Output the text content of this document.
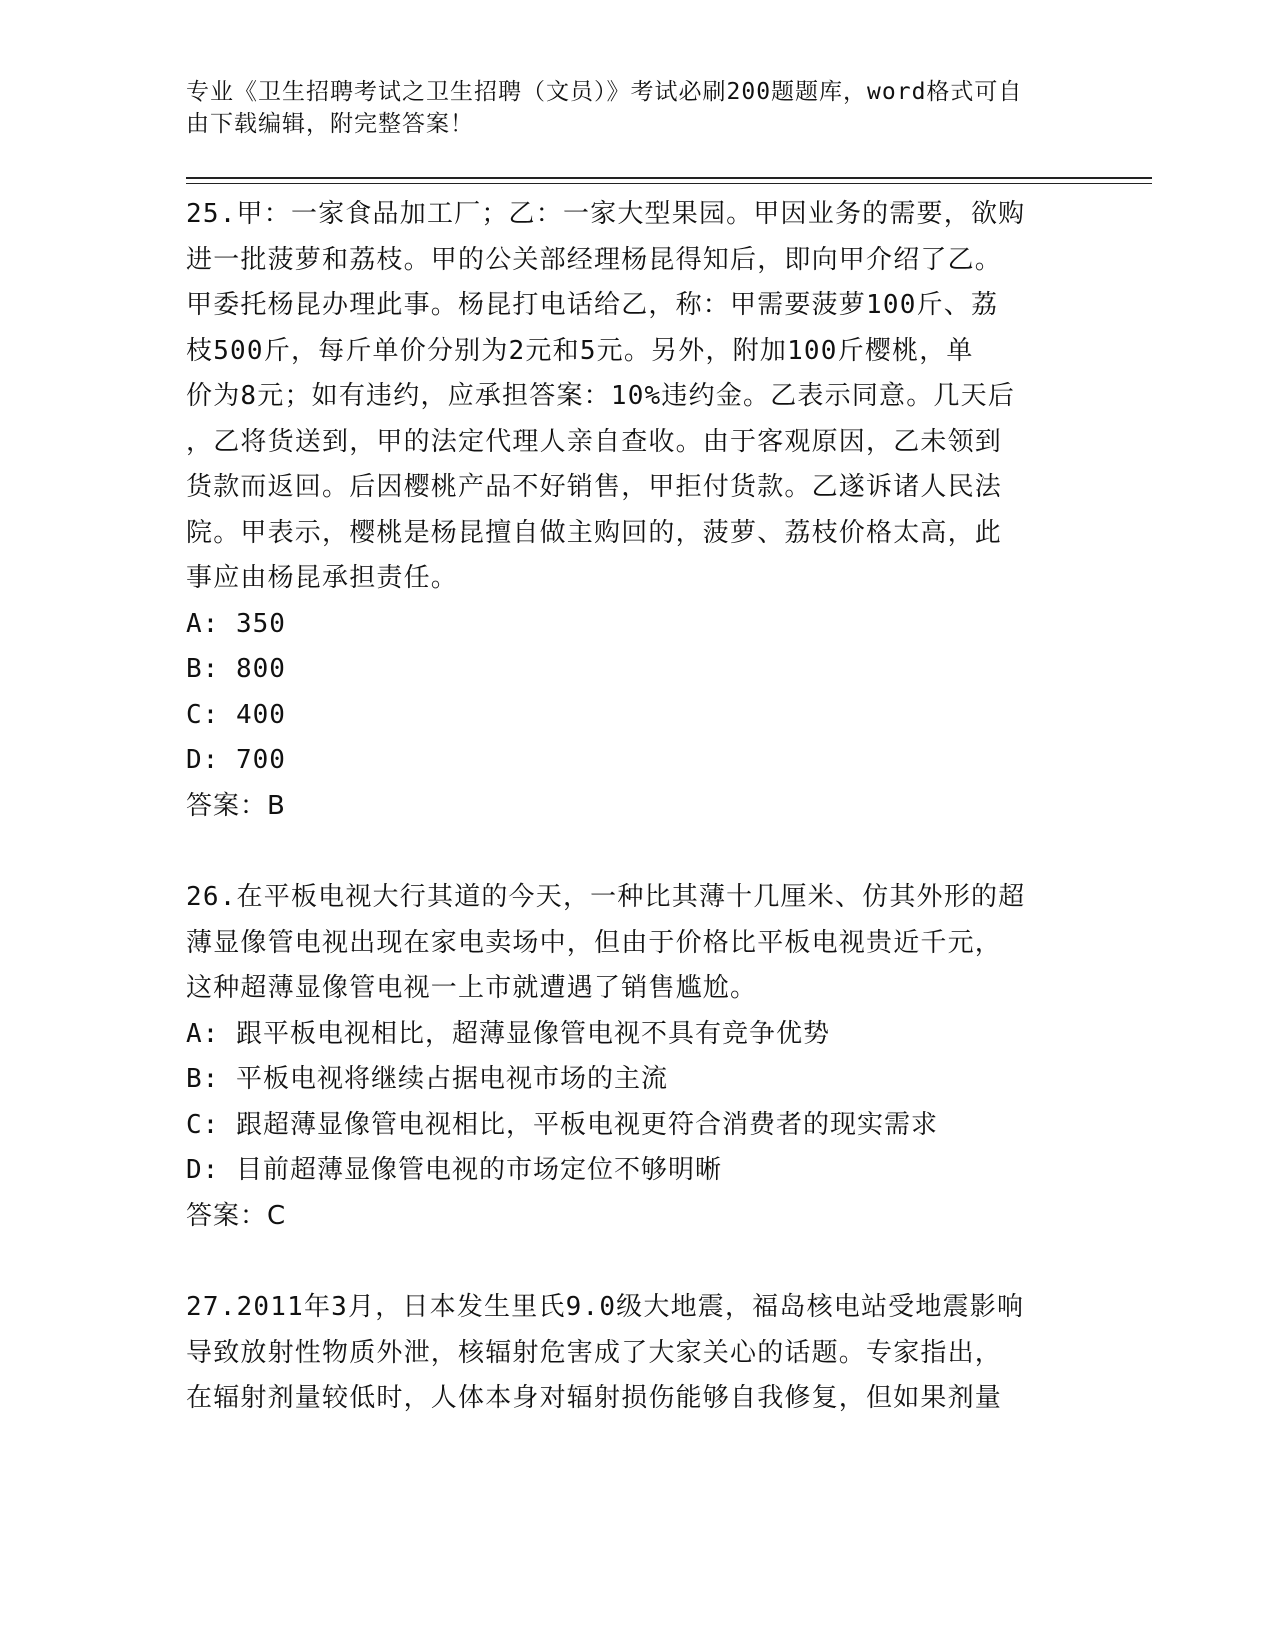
专业《卫生招聘考试之卫生招聘（文员）》考试必刷200题题库，word格式可自
由下载编辑，附完整答案！
25.甲：一家食品加工厂；乙：一家大型果园。甲因业务的需要，欲购
进一批菠萝和荔枝。甲的公关部经理杨昆得知后，即向甲介绍了乙。
甲委托杨昆办理此事。杨昆打电话给乙，称：甲需要菠萝100斤、荔
枝500斤，每斤单价分别为2元和5元。另外，附加100斤樱桃，单
价为8元；如有违约，应承担答案：10%违约金。乙表示同意。几天后
，乙将货送到，甲的法定代理人亲自查收。由于客观原因，乙未领到
货款而返回。后因樱桃产品不好销售，甲拒付货款。乙遂诉诸人民法
院。甲表示，樱桃是杨昆擅自做主购回的，菠萝、荔枝价格太高，此
事应由杨昆承担责任。
A: 350
B: 800
C: 400
D: 700
答案：B
26.在平板电视大行其道的今天，一种比其薄十几厘米、仿其外形的超
薄显像管电视出现在家电卖场中，但由于价格比平板电视贵近千元，
这种超薄显像管电视一上市就遭遇了销售尴尬。
A: 跟平板电视相比，超薄显像管电视不具有竞争优势
B: 平板电视将继续占据电视市场的主流
C: 跟超薄显像管电视相比，平板电视更符合消费者的现实需求
D: 目前超薄显像管电视的市场定位不够明晰
答案：C
27.2011年3月，日本发生里氏9.0级大地震，福岛核电站受地震影响
导致放射性物质外泄，核辐射危害成了大家关心的话题。专家指出，
在辐射剂量较低时，人体本身对辐射损伤能够自我修复，但如果剂量
